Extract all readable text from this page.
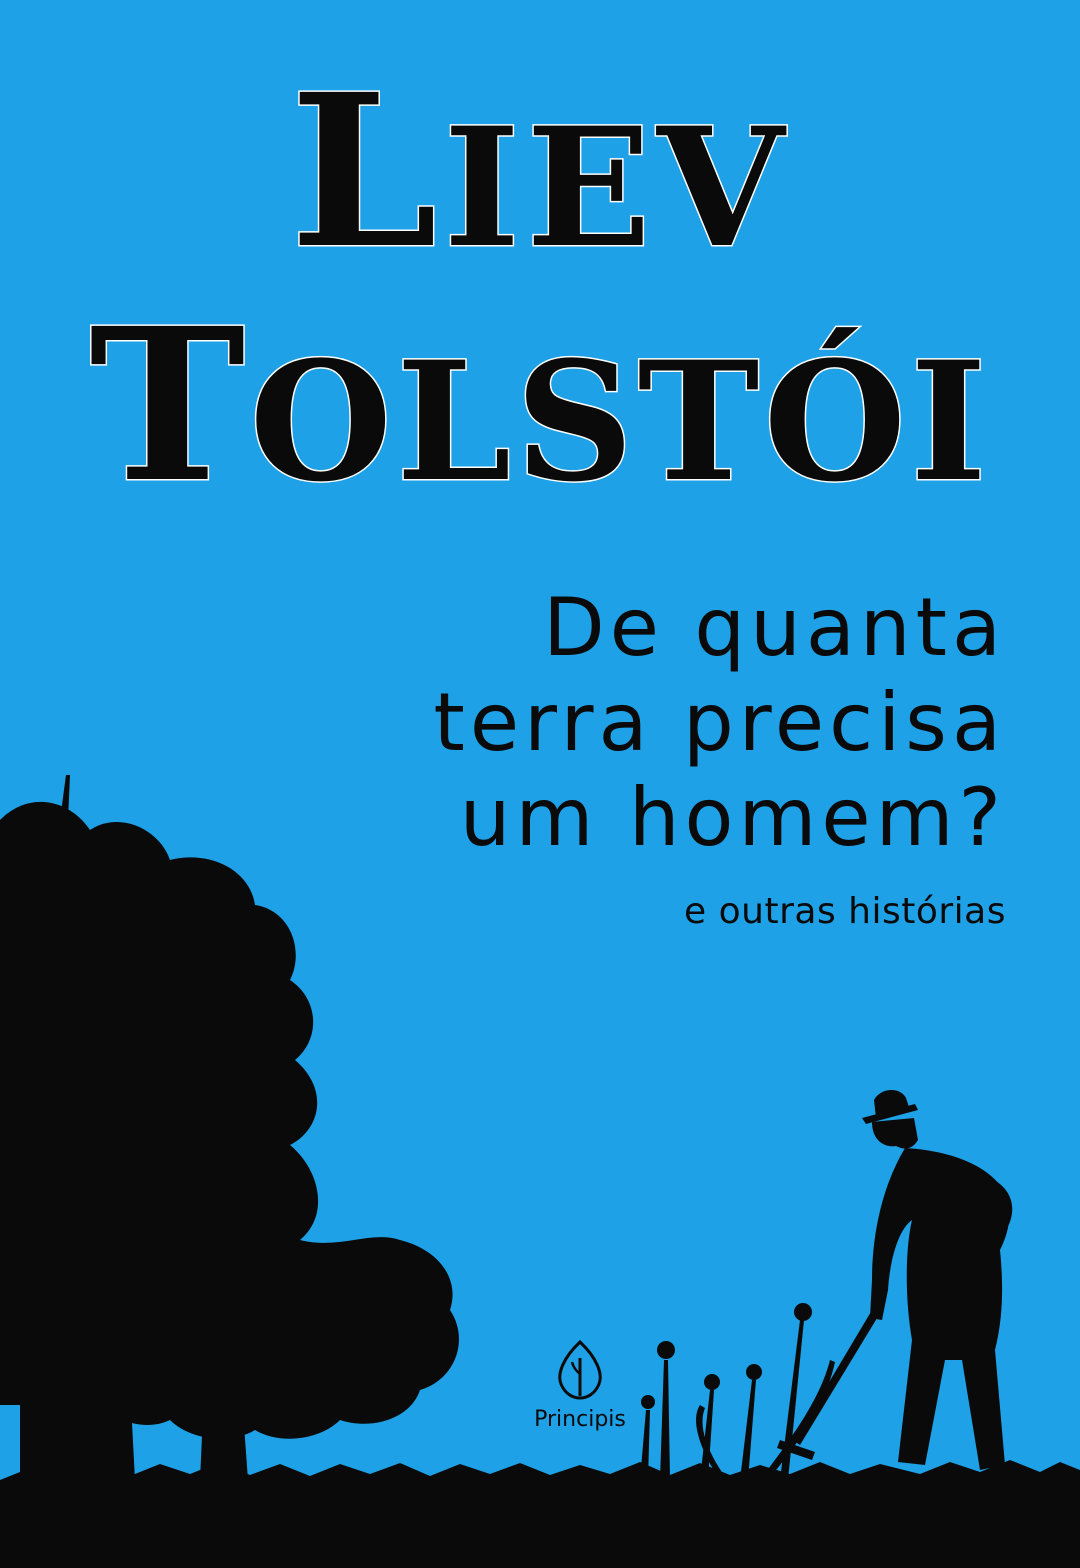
LIEV
TOLSTÓI
De quanta
terra precisa
um homem?
e outras histórias
Principis
